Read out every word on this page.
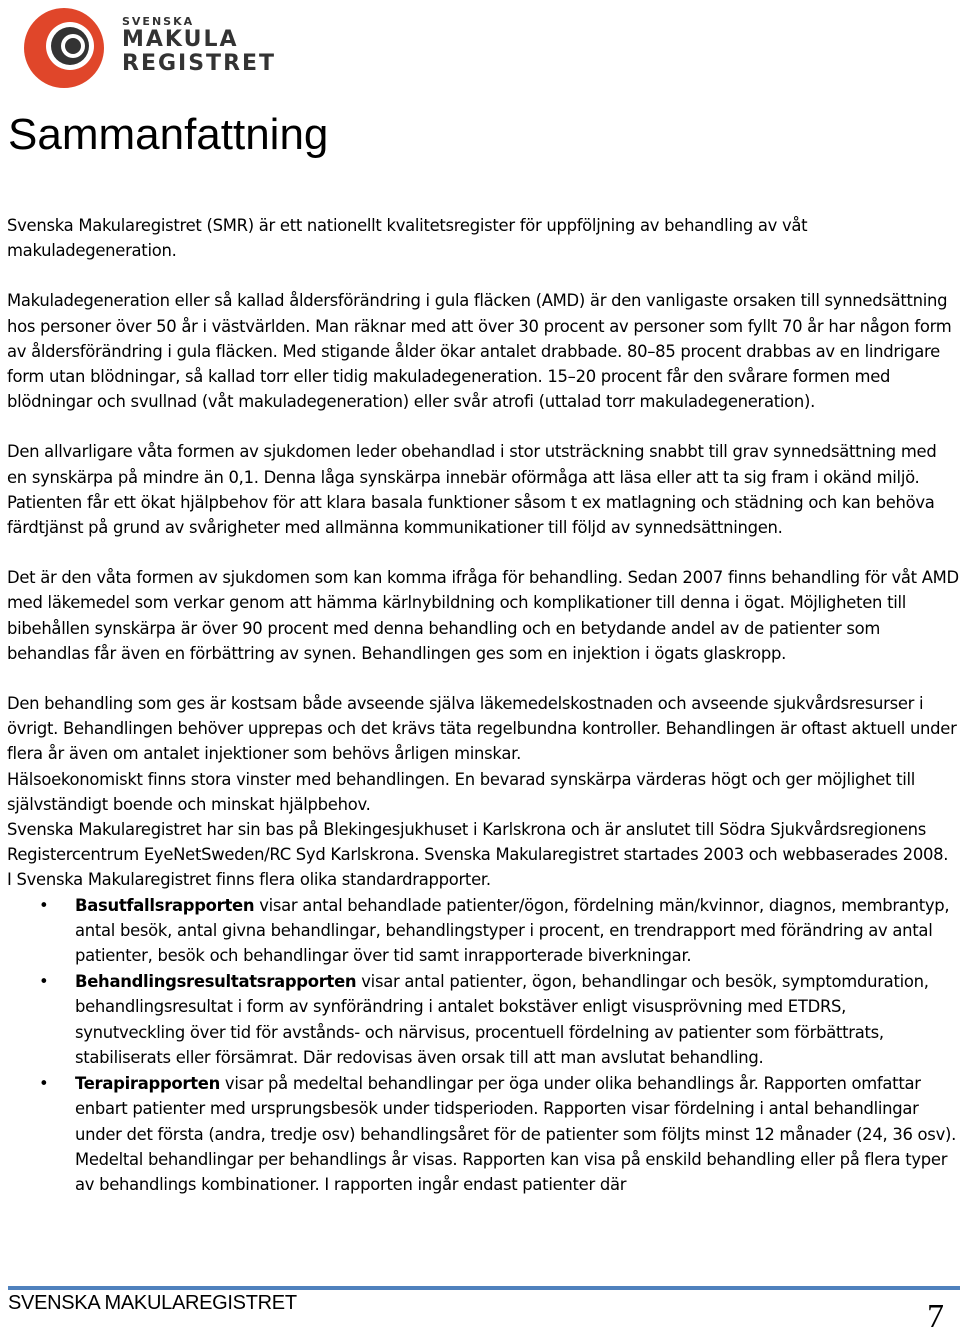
SVENSKA
MAKULA
REGISTRET
Sammanfattning

Svenska Makularegistret (SMR) är ett nationellt kvalitetsregister för uppföljning av behandling av våt makuladegeneration.

Makuladegeneration eller så kallad åldersförändring i gula fläcken (AMD) är den vanligaste orsaken till synnedsättning hos personer över 50 år i västvärlden. Man räknar med att över 30 procent av personer som fyllt 70 år har någon form av åldersförändring i gula fläcken. Med stigande ålder ökar antalet drabbade. 80–85 procent drabbas av en lindrigare form utan blödningar, så kallad torr eller tidig makuladegeneration. 15–20 procent får den svårare formen med blödningar och svullnad (våt makuladegeneration) eller svår atrofi (uttalad torr makuladegeneration).

Den allvarligare våta formen av sjukdomen leder obehandlad i stor utsträckning snabbt till grav synnedsättning med en synskärpa på mindre än 0,1. Denna låga synskärpa innebär oförmåga att läsa eller att ta sig fram i okänd miljö. Patienten får ett ökat hjälpbehov för att klara basala funktioner såsom t ex matlagning och städning och kan behöva färdtjänst på grund av svårigheter med allmänna kommunikationer till följd av synnedsättningen.

Det är den våta formen av sjukdomen som kan komma ifråga för behandling. Sedan 2007 finns behandling för våt AMD med läkemedel som verkar genom att hämma kärlnybildning och komplikationer till denna i ögat. Möjligheten till bibehållen synskärpa är över 90 procent med denna behandling och en betydande andel av de patienter som behandlas får även en förbättring av synen. Behandlingen ges som en injektion i ögats glaskropp.

Den behandling som ges är kostsam både avseende själva läkemedelskostnaden och avseende sjukvårdsresurser i övrigt. Behandlingen behöver upprepas och det krävs täta regelbundna kontroller. Behandlingen är oftast aktuell under flera år även om antalet injektioner som behövs årligen minskar.

Hälsoekonomiskt finns stora vinster med behandlingen. En bevarad synskärpa värderas högt och ger möjlighet till självständigt boende och minskat hjälpbehov.

Svenska Makularegistret har sin bas på Blekingesjukhuset i Karlskrona och är anslutet till Södra Sjukvårdsregionens Registercentrum EyeNetSweden/RC Syd Karlskrona. Svenska Makularegistret startades 2003 och webbaserades 2008.

I Svenska Makularegistret finns flera olika standardrapporter.

• Basutfallsrapporten visar antal behandlade patienter/ögon, fördelning män/kvinnor, diagnos, membrantyp, antal besök, antal givna behandlingar, behandlingstyper i procent, en trendrapport med förändring av antal patienter, besök och behandlingar över tid samt inrapporterade biverkningar.
• Behandlingsresultatsrapporten visar antal patienter, ögon, behandlingar och besök, symptomduration, behandlingsresultat i form av synförändring i antalet bokstäver enligt visusprövning med ETDRS, synutveckling över tid för avstånds- och närvisus, procentuell fördelning av patienter som förbättrats, stabiliserats eller försämrat. Där redovisas även orsak till att man avslutat behandling.
• Terapirapporten visar på medeltal behandlingar per öga under olika behandlings år. Rapporten omfattar enbart patienter med ursprungsbesök under tidsperioden. Rapporten visar fördelning i antal behandlingar under det första (andra, tredje osv) behandlingsåret för de patienter som följts minst 12 månader (24, 36 osv). Medeltal behandlingar per behandlings år visas. Rapporten kan visa på enskild behandling eller på flera typer av behandlings kombinationer. I rapporten ingår endast patienter där
SVENSKA MAKULAREGISTRET	7
